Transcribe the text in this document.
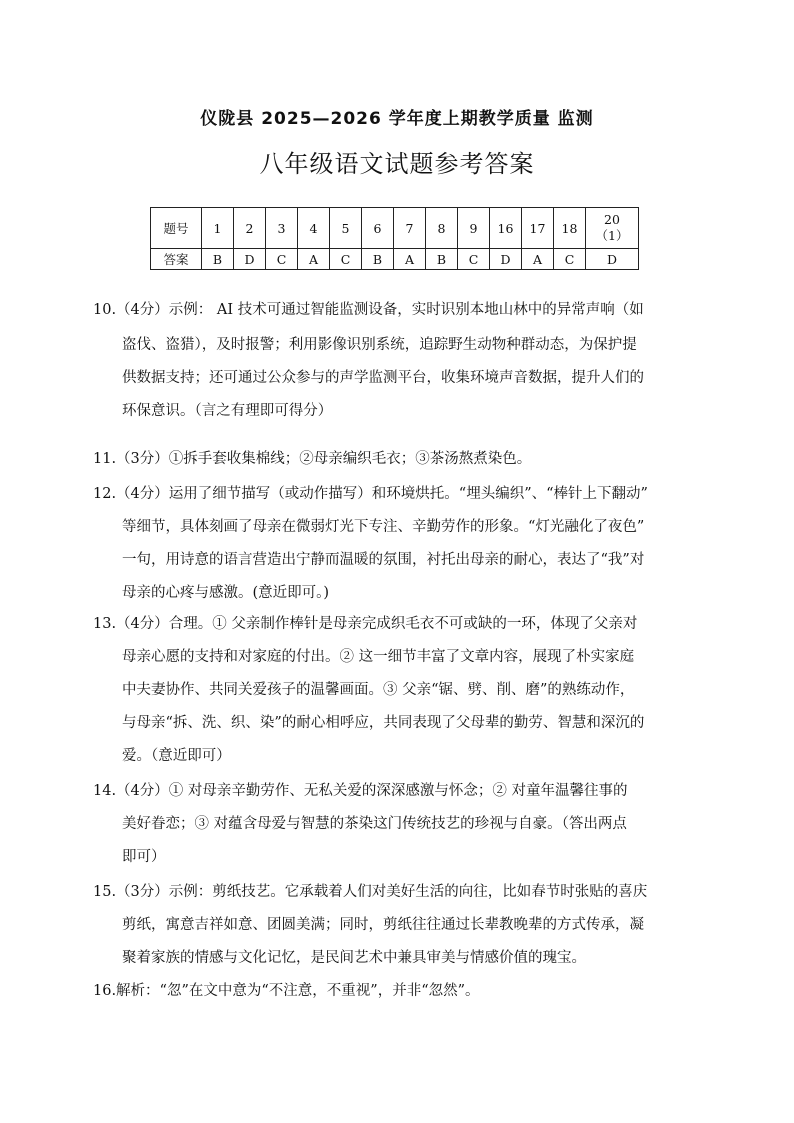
仪陇县 2025—2026 学年度上期教学质量 监测
八年级语文试题参考答案
题号	1	2	3	4	5	6	7	8	9	16	17	18	20
（1）

答案	B	D	C	A	C	B	A	B	C	D	A	C	D

10.（4分）示例： AI 技术可通过智能监测设备，实时识别本地山林中的异常声响（如

盗伐、盗猎），及时报警；利用影像识别系统，追踪野生动物种群动态，为保护提

供数据支持；还可通过公众参与的声学监测平台，收集环境声音数据，提升人们的

环保意识。（言之有理即可得分）

11.（3分）①拆手套收集棉线；②母亲编织毛衣；③茶汤熬煮染色。

12.（4分）运用了细节描写（或动作描写）和环境烘托。“埋头编织”、“棒针上下翻动”

等细节，具体刻画了母亲在微弱灯光下专注、辛勤劳作的形象。“灯光融化了夜色”

一句，用诗意的语言营造出宁静而温暖的氛围，衬托出母亲的耐心，表达了“我”对

母亲的心疼与感激。(意近即可。)

13.（4分）合理。① 父亲制作棒针是母亲完成织毛衣不可或缺的一环，体现了父亲对

母亲心愿的支持和对家庭的付出。② 这一细节丰富了文章内容，展现了朴实家庭

中夫妻协作、共同关爱孩子的温馨画面。③ 父亲“锯、劈、削、磨”的熟练动作，

与母亲“拆、洗、织、染”的耐心相呼应，共同表现了父母辈的勤劳、智慧和深沉的

爱。（意近即可）

14.（4分）① 对母亲辛勤劳作、无私关爱的深深感激与怀念；② 对童年温馨往事的

美好眷恋；③ 对蕴含母爱与智慧的茶染这门传统技艺的珍视与自豪。（答出两点

即可）

15.（3分）示例：剪纸技艺。它承载着人们对美好生活的向往，比如春节时张贴的喜庆

剪纸，寓意吉祥如意、团圆美满；同时，剪纸往往通过长辈教晚辈的方式传承，凝

聚着家族的情感与文化记忆，是民间艺术中兼具审美与情感价值的瑰宝。

16.解析：“忽”在文中意为“不注意，不重视”，并非“忽然”。
